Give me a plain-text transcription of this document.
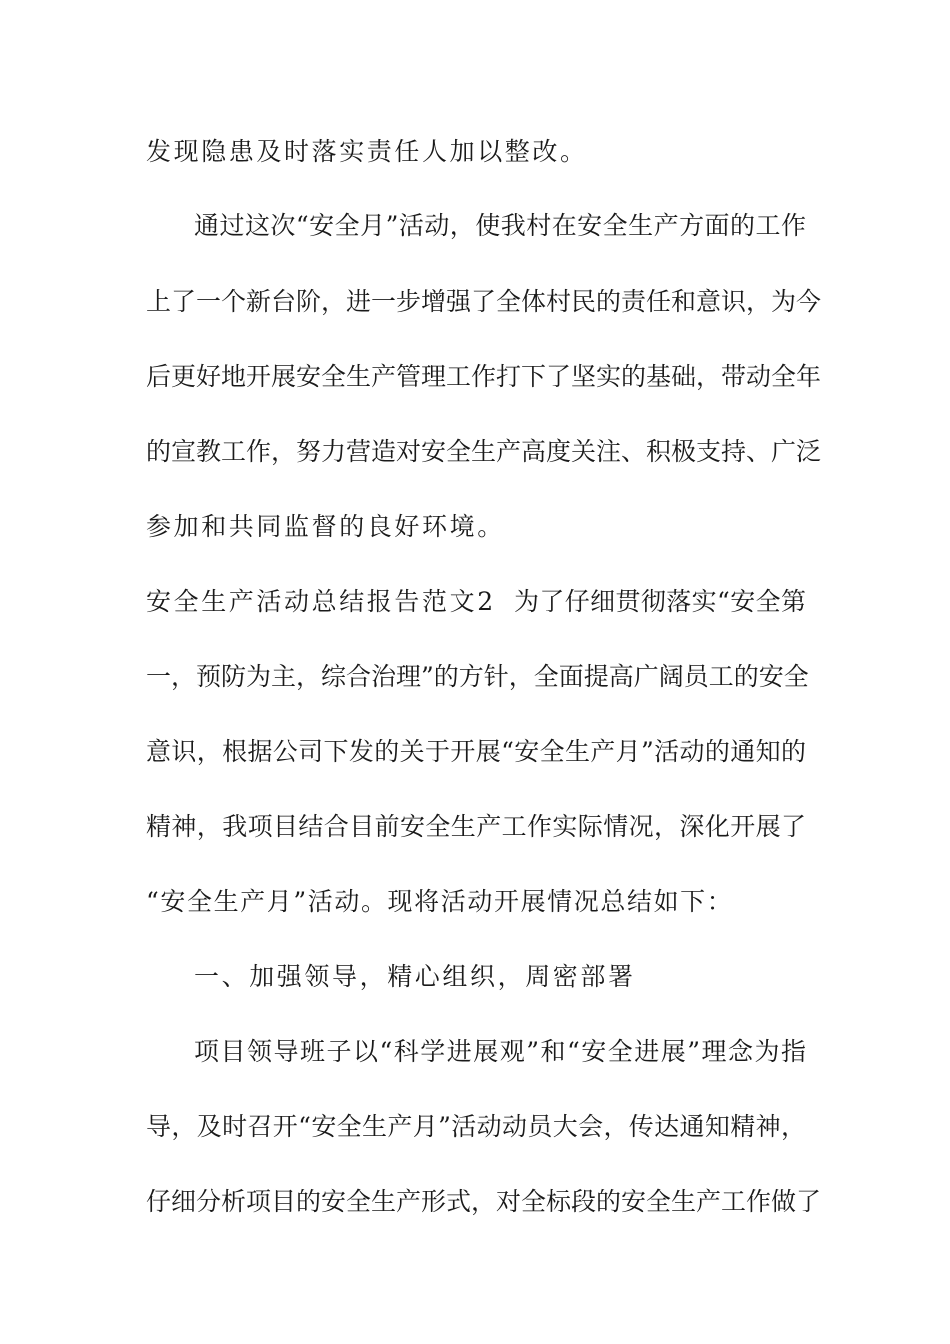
发现隐患及时落实责任人加以整改。
通过这次“安全月”活动，使我村在安全生产方面的工作
上了一个新台阶，进一步增强了全体村民的责任和意识，为今
后更好地开展安全生产管理工作打下了坚实的基础，带动全年
的宣教工作，努力营造对安全生产高度关注、积极支持、广泛
参加和共同监督的良好环境。
安全生产活动总结报告范文2 为了仔细贯彻落实“安全第
一，预防为主，综合治理”的方针，全面提高广阔员工的安全
意识，根据公司下发的关于开展“安全生产月”活动的通知的
精神，我项目结合目前安全生产工作实际情况，深化开展了
“安全生产月”活动。现将活动开展情况总结如下：
一、加强领导，精心组织，周密部署
项目领导班子以“科学进展观”和“安全进展”理念为指
导，及时召开“安全生产月”活动动员大会，传达通知精神，
仔细分析项目的安全生产形式，对全标段的安全生产工作做了
